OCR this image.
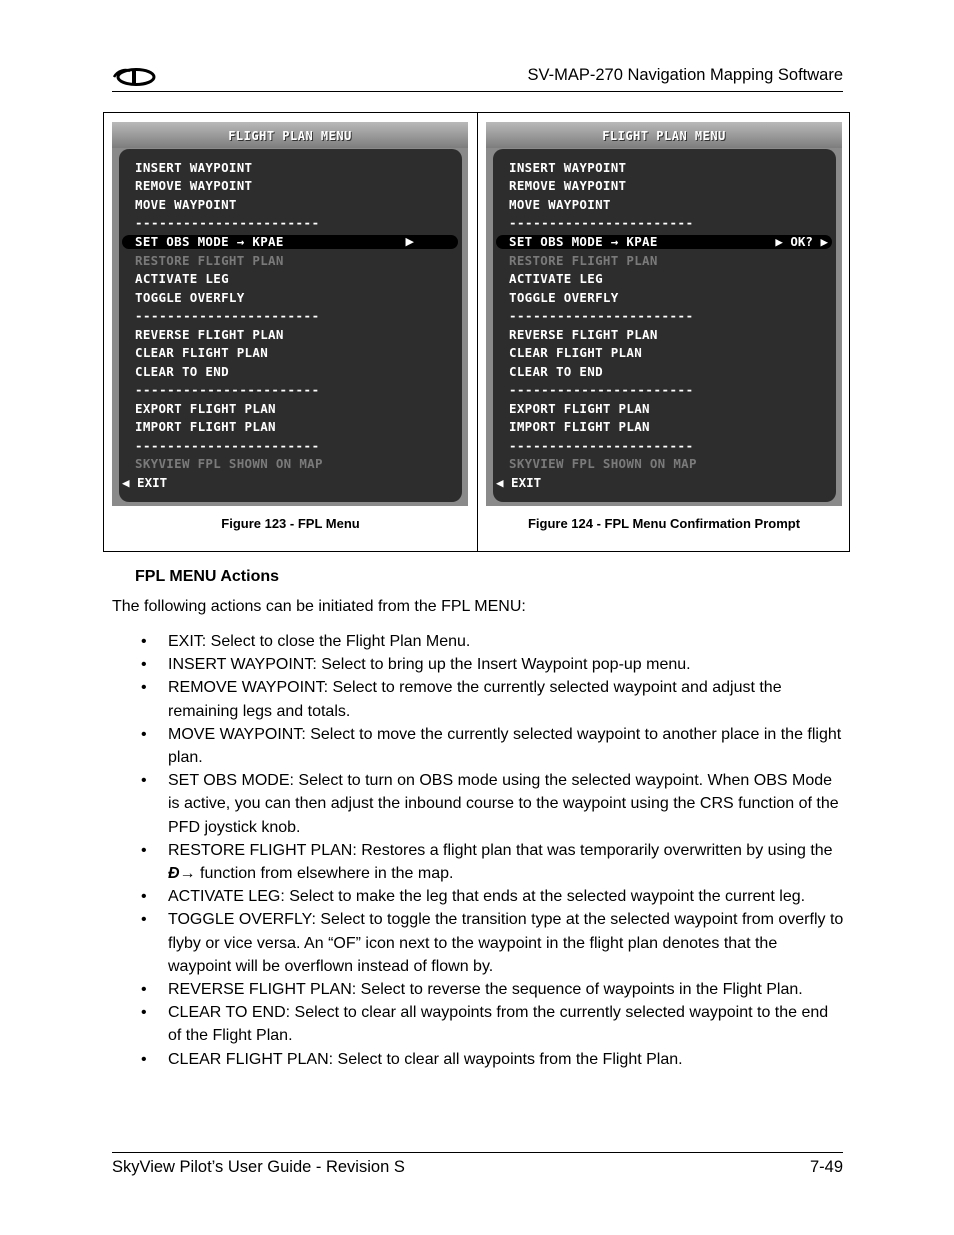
SV-MAP-270 Navigation Mapping Software
FLIGHT PLAN MENU
INSERT WAYPOINT
REMOVE WAYPOINT
MOVE WAYPOINT
-----------------------
SET OBS MODE → KPAE	▶
RESTORE FLIGHT PLAN
ACTIVATE LEG
TOGGLE OVERFLY
-----------------------
REVERSE FLIGHT PLAN
CLEAR FLIGHT PLAN
CLEAR TO END
-----------------------
EXPORT FLIGHT PLAN
IMPORT FLIGHT PLAN
-----------------------
SKYVIEW FPL SHOWN ON MAP
◀ EXIT
Figure 123 - FPL Menu
FLIGHT PLAN MENU
INSERT WAYPOINT
REMOVE WAYPOINT
MOVE WAYPOINT
-----------------------
SET OBS MODE → KPAE	▶ OK? ▶
RESTORE FLIGHT PLAN
ACTIVATE LEG
TOGGLE OVERFLY
-----------------------
REVERSE FLIGHT PLAN
CLEAR FLIGHT PLAN
CLEAR TO END
-----------------------
EXPORT FLIGHT PLAN
IMPORT FLIGHT PLAN
-----------------------
SKYVIEW FPL SHOWN ON MAP
◀ EXIT
Figure 124 - FPL Menu Confirmation Prompt
FPL MENU Actions
The following actions can be initiated from the FPL MENU:
• EXIT: Select to close the Flight Plan Menu.
• INSERT WAYPOINT: Select to bring up the Insert Waypoint pop-up menu.
• REMOVE WAYPOINT: Select to remove the currently selected waypoint and adjust the remaining legs and totals.
• MOVE WAYPOINT: Select to move the currently selected waypoint to another place in the flight plan.
• SET OBS MODE: Select to turn on OBS mode using the selected waypoint. When OBS Mode is active, you can then adjust the inbound course to the waypoint using the CRS function of the PFD joystick knob.
• RESTORE FLIGHT PLAN: Restores a flight plan that was temporarily overwritten by using the Đ→ function from elsewhere in the map.
• ACTIVATE LEG: Select to make the leg that ends at the selected waypoint the current leg.
• TOGGLE OVERFLY: Select to toggle the transition type at the selected waypoint from overfly to flyby or vice versa. An “OF” icon next to the waypoint in the flight plan denotes that the waypoint will be overflown instead of flown by.
• REVERSE FLIGHT PLAN: Select to reverse the sequence of waypoints in the Flight Plan.
• CLEAR TO END: Select to clear all waypoints from the currently selected waypoint to the end of the Flight Plan.
• CLEAR FLIGHT PLAN: Select to clear all waypoints from the Flight Plan.
SkyView Pilot’s User Guide - Revision S	7-49
